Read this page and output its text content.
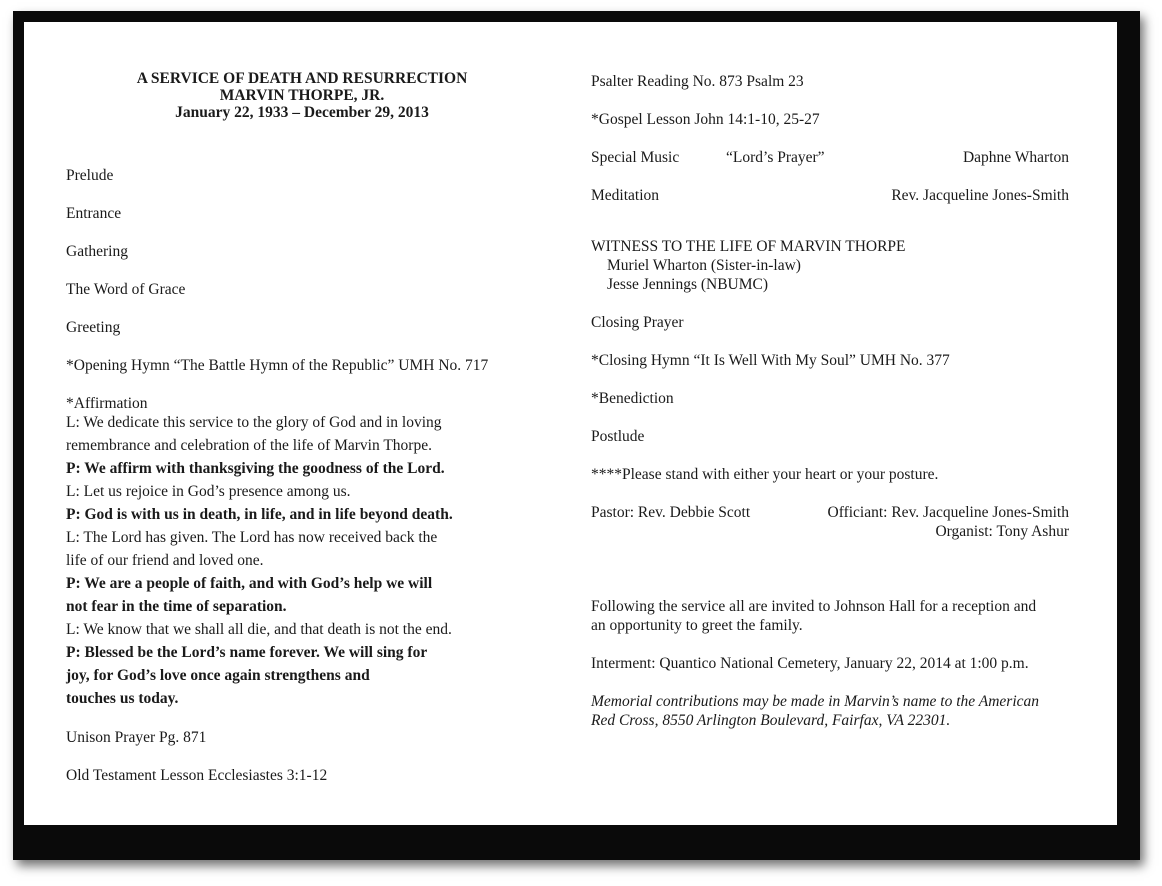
A SERVICE OF DEATH AND RESURRECTION
MARVIN THORPE, JR.
January 22, 1933 – December 29, 2013
Prelude
Entrance
Gathering
The Word of Grace
Greeting
*Opening Hymn “The Battle Hymn of the Republic” UMH No. 717
*Affirmation
L: We dedicate this service to the glory of God and in loving
remembrance and celebration of the life of Marvin Thorpe.
P: We affirm with thanksgiving the goodness of the Lord.
L: Let us rejoice in God’s presence among us.
P: God is with us in death, in life, and in life beyond death.
L: The Lord has given. The Lord has now received back the
life of our friend and loved one.
P: We are a people of faith, and with God’s help we will
not fear in the time of separation.
L: We know that we shall all die, and that death is not the end.
P: Blessed be the Lord’s name forever. We will sing for
joy, for God’s love once again strengthens and
touches us today.
Unison Prayer Pg. 871
Old Testament Lesson Ecclesiastes 3:1-12
Psalter Reading No. 873 Psalm 23
*Gospel Lesson John 14:1-10, 25-27
Special Music	“Lord’s Prayer”	Daphne Wharton
Meditation	Rev. Jacqueline Jones-Smith
WITNESS TO THE LIFE OF MARVIN THORPE
Muriel Wharton (Sister-in-law)
Jesse Jennings (NBUMC)
Closing Prayer
*Closing Hymn “It Is Well With My Soul” UMH No. 377
*Benediction
Postlude
****Please stand with either your heart or your posture.
Pastor: Rev. Debbie Scott	Officiant: Rev. Jacqueline Jones-Smith
Organist: Tony Ashur
Following the service all are invited to Johnson Hall for a reception and
an opportunity to greet the family.
Interment: Quantico National Cemetery, January 22, 2014 at 1:00 p.m.
Memorial contributions may be made in Marvin’s name to the American
Red Cross, 8550 Arlington Boulevard, Fairfax, VA 22301.
